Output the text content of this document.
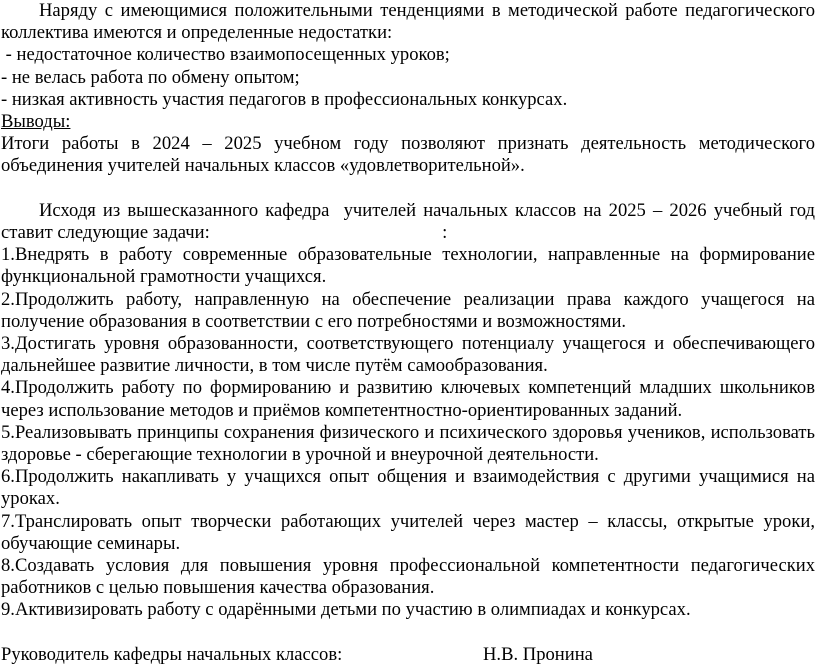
Наряду с имеющимися положительными тенденциями в методической работе педагогического коллектива имеются и определенные недостатки:

- недостаточное количество взаимопосещенных уроков;
- не велась работа по обмену опытом;
- низкая активность участия педагогов в профессиональных конкурсах.
Выводы:

Итоги работы в 2024 – 2025 учебном году позволяют признать деятельность методического объединения учителей начальных классов «удовлетворительной».

Исходя из вышесказанного кафедра  учителей начальных классов на 2025 – 2026 учебный год ставит следующие задачи:                                                  :

1.Внедрять в работу современные образовательные технологии, направленные на формирование функциональной грамотности учащихся.

2.Продолжить работу, направленную на обеспечение реализации права каждого учащегося на получение образования в соответствии с его потребностями и возможностями.

3.Достигать уровня образованности, соответствующего потенциалу учащегося и обеспечивающего дальнейшее развитие личности, в том числе путём самообразования.

4.Продолжить работу по формированию и развитию ключевых компетенций младших школьников через использование методов и приёмов компетентностно-ориентированных заданий.

5.Реализовывать принципы сохранения физического и психического здоровья учеников, использовать здоровье - сберегающие технологии в урочной и внеурочной деятельности.

6.Продолжить накапливать у учащихся опыт общения и взаимодействия с другими учащимися на уроках.

7.Транслировать опыт творчески работающих учителей через мастер – классы, открытые уроки, обучающие семинары.

8.Создавать условия для повышения уровня профессиональной компетентности педагогических работников с целью повышения качества образования.

9.Активизировать работу с одарёнными детьми по участию в олимпиадах и конкурсах.

Руководитель кафедры начальных классов:	Н.В. Пронина
